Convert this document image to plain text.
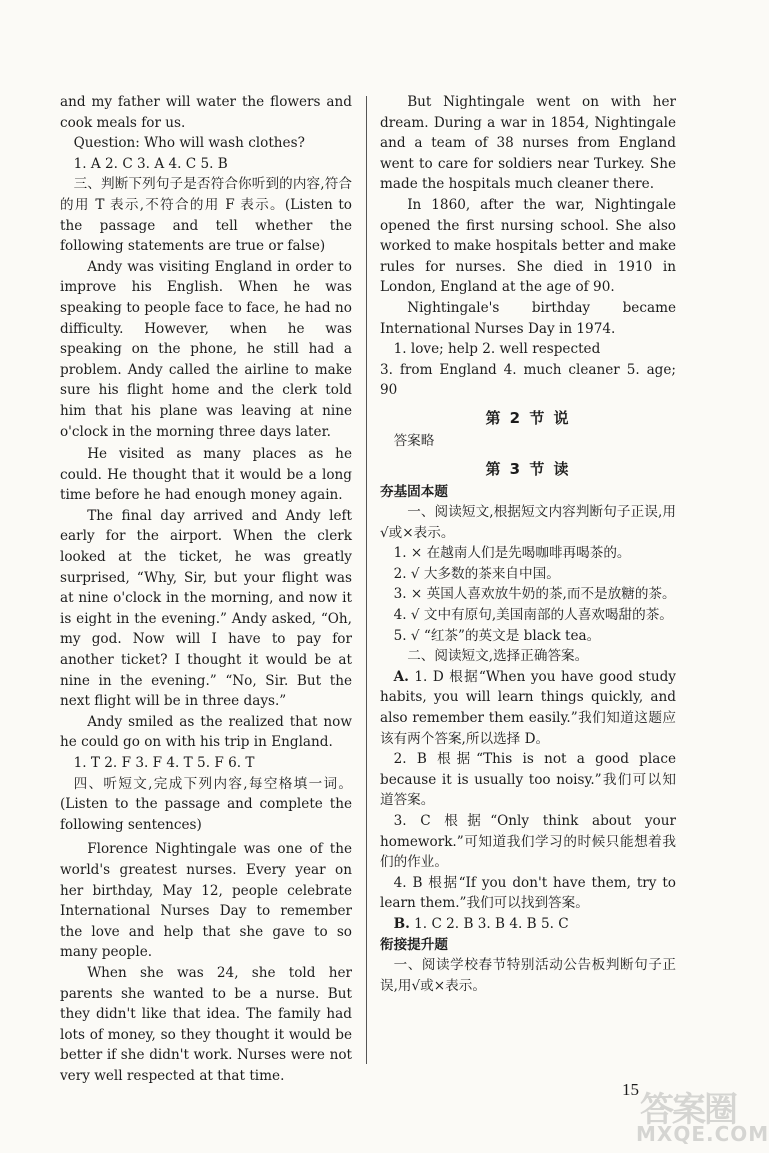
and my father will water the flowers and cook meals for us.

Question: Who will wash clothes?

1. A 2. C 3. A 4. C 5. B

三、判断下列句子是否符合你听到的内容,符合的用 T 表示,不符合的用 F 表示。(Listen to the passage and tell whether the following statements are true or false)

Andy was visiting England in order to improve his English. When he was speaking to people face to face, he had no difficulty. However, when he was speaking on the phone, he still had a problem. Andy called the airline to make sure his flight home and the clerk told him that his plane was leaving at nine o'clock in the morning three days later.

He visited as many places as he could. He thought that it would be a long time before he had enough money again.

The final day arrived and Andy left early for the airport. When the clerk looked at the ticket, he was greatly surprised, “Why, Sir, but your flight was at nine o'clock in the morning, and now it is eight in the evening.” Andy asked, “Oh, my god. Now will I have to pay for another ticket? I thought it would be at nine in the evening.” “No, Sir. But the next flight will be in three days.”

Andy smiled as the realized that now he could go on with his trip in England.

1. T 2. F 3. F 4. T 5. F 6. T

四、听短文,完成下列内容,每空格填一词。(Listen to the passage and complete the following sentences)

Florence Nightingale was one of the world's greatest nurses. Every year on her birthday, May 12, people celebrate International Nurses Day to remember the love and help that she gave to so many people.

When she was 24, she told her parents she wanted to be a nurse. But they didn't like that idea. The family had lots of money, so they thought it would be better if she didn't work. Nurses were not very well respected at that time.

But Nightingale went on with her dream. During a war in 1854, Nightingale and a team of 38 nurses from England went to care for soldiers near Turkey. She made the hospitals much cleaner there.

In 1860, after the war, Nightingale opened the first nursing school. She also worked to make hospitals better and make rules for nurses. She died in 1910 in London, England at the age of 90.

Nightingale's birthday became International Nurses Day in 1974.

1. love; help 2. well respected

3. from England 4. much cleaner 5. age; 90

第 2 节 说

答案略

第 3 节 读
夯基固本题

一、阅读短文,根据短文内容判断句子正误,用√或×表示。

1. × 在越南人们是先喝咖啡再喝茶的。

2. √ 大多数的茶来自中国。

3. × 英国人喜欢放牛奶的茶,而不是放糖的茶。

4. √ 文中有原句,美国南部的人喜欢喝甜的茶。

5. √ “红茶”的英文是 black tea。

二、阅读短文,选择正确答案。

A. 1. D 根据“When you have good study habits, you will learn things quickly, and also remember them easily.”我们知道这题应该有两个答案,所以选择 D。

2. B 根据“This is not a good place because it is usually too noisy.”我们可以知道答案。

3. C 根据“Only think about your homework.”可知道我们学习的时候只能想着我们的作业。

4. B 根据“If you don't have them, try to learn them.”我们可以找到答案。

B. 1. C 2. B 3. B 4. B 5. C

衔接提升题

一、阅读学校春节特别活动公告板判断句子正误,用√或×表示。

15
答案圈
MXQE.COM
